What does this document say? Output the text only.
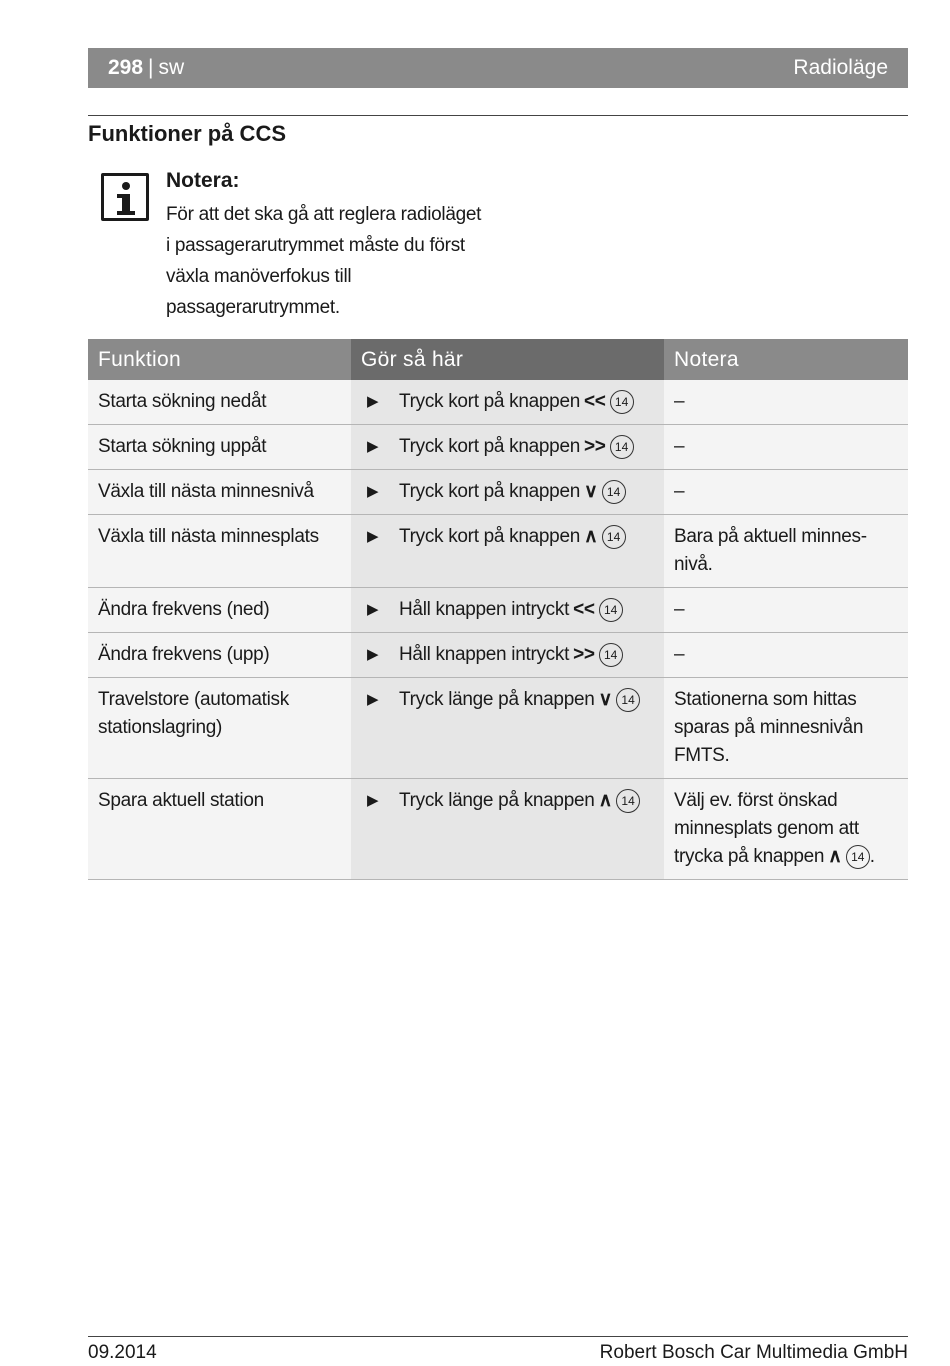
298 | sw	Radioläge
Funktioner på CCS
Notera:
För att det ska gå att reglera radioläget i passagerarutrymmet måste du först växla manöverfokus till passagerarutrymmet.
Funktion	Gör så här	Notera
Starta sökning nedåt	▶ Tryck kort på knappen << 14	–
Starta sökning uppåt	▶ Tryck kort på knappen >> 14	–
Växla till nästa minnesnivå	▶ Tryck kort på knappen ∨ 14	–
Växla till nästa minnesplats	▶ Tryck kort på knappen ∧ 14	Bara på aktuell minnesnivå.
Ändra frekvens (ned)	▶ Håll knappen intryckt << 14	–
Ändra frekvens (upp)	▶ Håll knappen intryckt >> 14	–
Travelstore (automatisk stationslagring)	▶ Tryck länge på knappen ∨ 14	Stationerna som hittas sparas på minnesnivån FMTS.
Spara aktuell station	▶ Tryck länge på knappen ∧ 14	Välj ev. först önskad minnesplats genom att trycka på knappen ∧ 14 .
09.2014	Robert Bosch Car Multimedia GmbH
